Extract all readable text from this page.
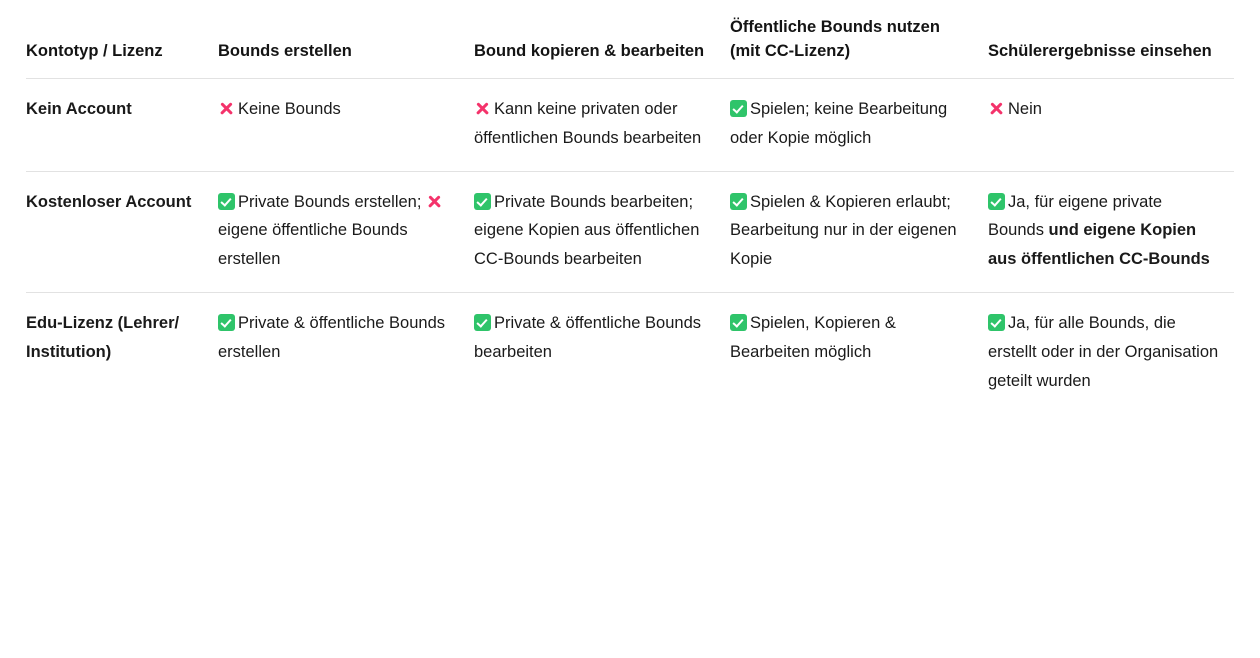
Kontotyp / Lizenz	Bounds erstellen	Bound kopieren & bearbeiten	Öffentliche Bounds nutzen (mit CC-Lizenz)	Schülerergebnisse einsehen
Kein Account	Keine Bounds	Kann keine privaten oder öffentlichen Bounds bearbeiten	Spielen; keine Bearbeitung oder Kopie möglich	Nein
Kostenloser Account	Private Bounds erstellen; eigene öffentliche Bounds erstellen	Private Bounds bearbeiten; eigene Kopien aus öffentlichen CC-Bounds bearbeiten	Spielen & Kopieren erlaubt; Bearbeitung nur in der eigenen Kopie	Ja, für eigene private Bounds und eigene Kopien aus öffentlichen CC-Bounds
Edu-Lizenz (Lehrer/ Institution)	Private & öffentliche Bounds erstellen	Private & öffentliche Bounds bearbeiten	Spielen, Kopieren & Bearbeiten möglich	Ja, für alle Bounds, die erstellt oder in der Organisation geteilt wurden
